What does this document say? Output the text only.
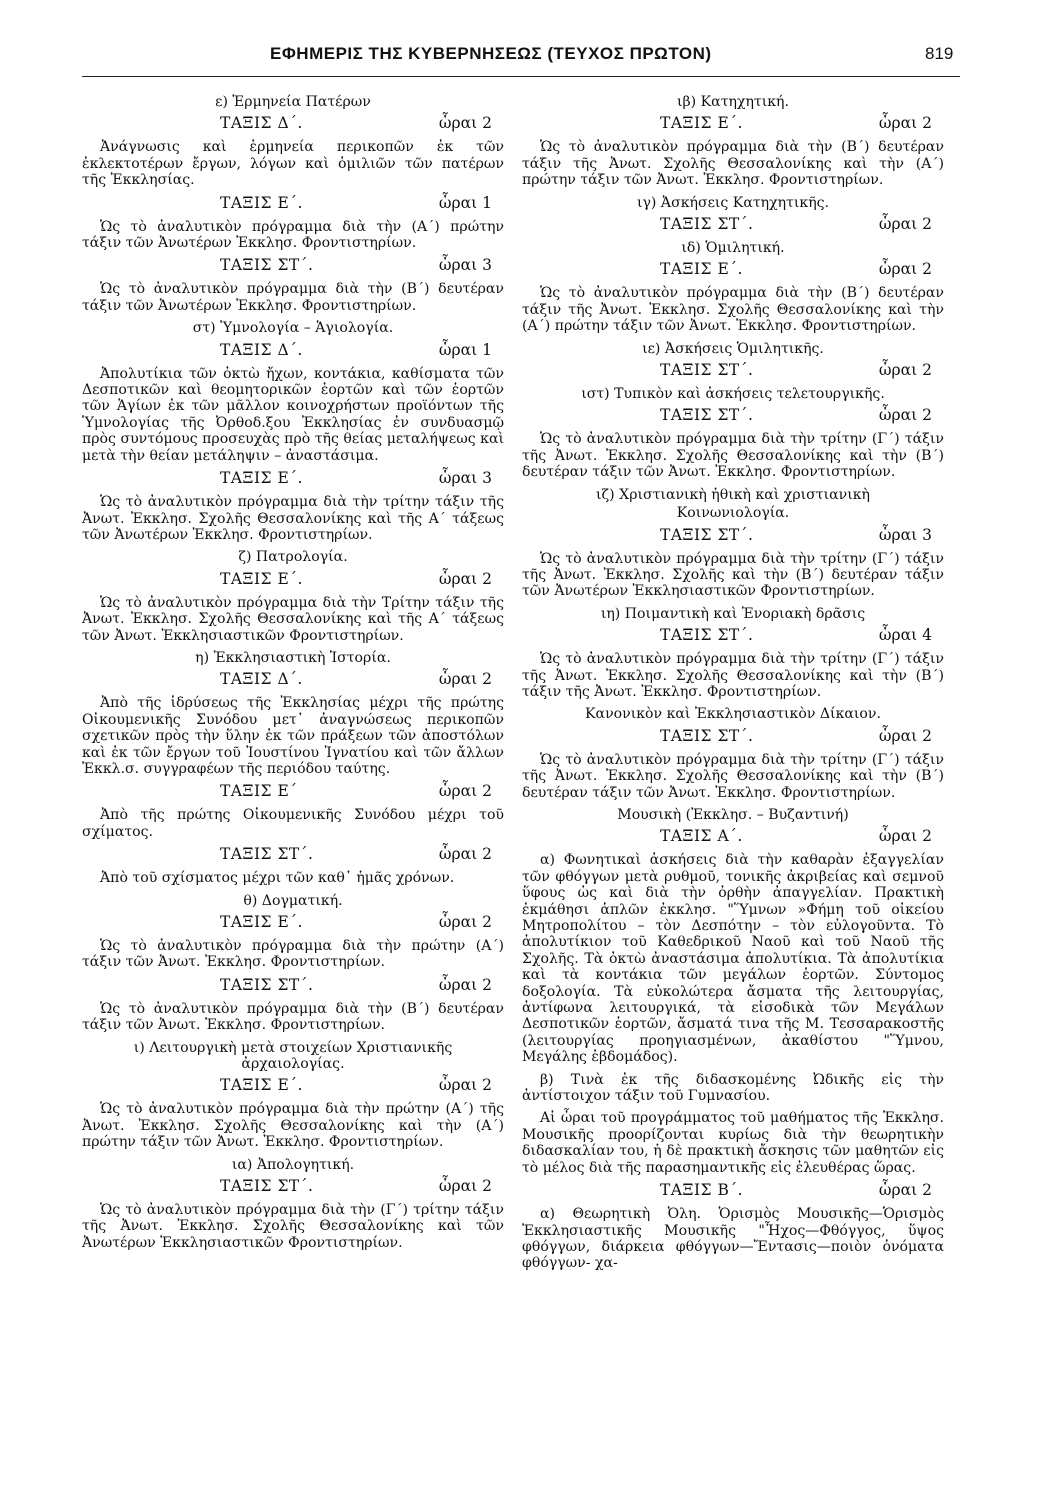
ΕΦΗΜΕΡΙΣ ΤΗΣ ΚΥΒΕΡΝΗΣΕΩΣ (ΤΕΥΧΟΣ ΠΡΩΤΟΝ)	819
ε) Ἑρμηνεία Πατέρων
ΤΑΞΙΣ Δ΄.	ὧραι 2

Ἀνάγνωσις καὶ ἑρμηνεία περικοπῶν ἐκ τῶν ἐκλεκτοτέρων ἔργων, λόγων καὶ ὁμιλιῶν τῶν πατέρων τῆς Ἐκκλησίας.

ΤΑΞΙΣ Ε΄.	ὧραι 1

Ὡς τὸ ἀναλυτικὸν πρόγραμμα διὰ τὴν (Α΄) πρώτην τάξιν τῶν Ἀνωτέρων Ἐκκλησ. Φροντιστηρίων.

ΤΑΞΙΣ ΣΤ΄.	ὧραι 3

Ὡς τὸ ἀναλυτικὸν πρόγραμμα διὰ τὴν (Β΄) δευτέραν τάξιν τῶν Ἀνωτέρων Ἐκκλησ. Φροντιστηρίων.

στ) Ὑμνολογία – Ἁγιολογία.
ΤΑΞΙΣ Δ΄.	ὧραι 1

Ἀπολυτίκια τῶν ὀκτὼ ἤχων, κοντάκια, καθίσματα τῶν Δεσποτικῶν καὶ θεομητορικῶν ἑορτῶν καὶ τῶν ἑορτῶν τῶν Ἁγίων ἐκ τῶν μᾶλλον κοινοχρήστων προϊόντων τῆς Ὑμνολογίας τῆς Ὀρθοδ.ξου Ἐκκλησίας ἐν συνδυασμῷ πρὸς συντόμους προσευχὰς πρὸ τῆς θείας μεταλήψεως καὶ μετὰ τὴν θείαν μετάληψιν – ἀναστάσιμα.

ΤΑΞΙΣ Ε΄.	ὧραι 3

Ὡς τὸ ἀναλυτικὸν πρόγραμμα διὰ τὴν τρίτην τάξιν τῆς Ἀνωτ. Ἐκκλησ. Σχολῆς Θεσσαλονίκης καὶ τῆς Α΄ τάξεως τῶν Ἀνωτέρων Ἐκκλησ. Φροντιστηρίων.

ζ) Πατρολογία.
ΤΑΞΙΣ Ε΄.	ὧραι 2

Ὡς τὸ ἀναλυτικὸν πρόγραμμα διὰ τὴν Τρίτην τάξιν τῆς Ἀνωτ. Ἐκκλησ. Σχολῆς Θεσσαλονίκης καὶ τῆς Α΄ τάξεως τῶν Ἀνωτ. Ἐκκλησιαστικῶν Φροντιστηρίων.

η) Ἐκκλησιαστικὴ Ἱστορία.
ΤΑΞΙΣ Δ΄.	ὧραι 2

Ἀπὸ τῆς ἱδρύσεως τῆς Ἐκκλησίας μέχρι τῆς πρώτης Οἰκουμενικῆς Συνόδου μετ᾽ ἀναγνώσεως περικοπῶν σχετικῶν πρὸς τὴν ὕλην ἐκ τῶν πράξεων τῶν ἀποστόλων καὶ ἐκ τῶν ἔργων τοῦ Ἰουστίνου Ἰγνατίου καὶ τῶν ἄλλων Ἐκκλ.σ. συγγραφέων τῆς περιόδου ταύτης.

ΤΑΞΙΣ Ε΄	ὧραι 2

Ἀπὸ τῆς πρώτης Οἰκουμενικῆς Συνόδου μέχρι τοῦ σχίματος.

ΤΑΞΙΣ ΣΤ΄.	ὧραι 2

Ἀπὸ τοῦ σχίσματος μέχρι τῶν καθ᾽ ἡμᾶς χρόνων.

θ) Δογματική.
ΤΑΞΙΣ Ε΄.	ὧραι 2

Ὡς τὸ ἀναλυτικὸν πρόγραμμα διὰ τὴν πρώτην (Α΄) τάξιν τῶν Ἀνωτ. Ἐκκλησ. Φροντιστηρίων.

ΤΑΞΙΣ ΣΤ΄.	ὧραι 2

Ὡς τὸ ἀναλυτικὸν πρόγραμμα διὰ τὴν (Β΄) δευτέραν τάξιν τῶν Ἀνωτ. Ἐκκλησ. Φροντιστηρίων.

ι) Λειτουργικὴ μετὰ στοιχείων Χριστιανικῆς
ἀρχαιολογίας.
ΤΑΞΙΣ Ε΄.	ὧραι 2

Ὡς τὸ ἀναλυτικὸν πρόγραμμα διὰ τὴν πρώτην (Α΄) τῆς Ἀνωτ. Ἐκκλησ. Σχολῆς Θεσσαλονίκης καὶ τὴν (Α΄) πρώτην τάξιν τῶν Ἀνωτ. Ἐκκλησ. Φροντιστηρίων.

ια) Ἀπολογητική.
ΤΑΞΙΣ ΣΤ΄.	ὧραι 2

Ὡς τὸ ἀναλυτικὸν πρόγραμμα διὰ τὴν (Γ΄) τρίτην τάξιν τῆς Ἀνωτ. Ἐκκλησ. Σχολῆς Θεσσαλονίκης καὶ τῶν Ἀνωτέρων Ἐκκλησιαστικῶν Φροντιστηρίων.

ιβ) Κατηχητική.
ΤΑΞΙΣ Ε΄.	ὧραι 2

Ὡς τὸ ἀναλυτικὸν πρόγραμμα διὰ τὴν (Β΄) δευτέραν τάξιν τῆς Ἀνωτ. Σχολῆς Θεσσαλονίκης καὶ τὴν (Α΄) πρώτην τάξιν τῶν Ἀνωτ. Ἐκκλησ. Φροντιστηρίων.

ιγ) Ἀσκήσεις Κατηχητικῆς.
ΤΑΞΙΣ ΣΤ΄.	ὧραι 2
ιδ) Ὁμιλητική.
ΤΑΞΙΣ Ε΄.	ὧραι 2

Ὡς τὸ ἀναλυτικὸν πρόγραμμα διὰ τὴν (Β΄) δευτέραν τάξιν τῆς Ἀνωτ. Ἐκκλησ. Σχολῆς Θεσσαλονίκης καὶ τὴν (Α΄) πρώτην τάξιν τῶν Ἀνωτ. Ἐκκλησ. Φροντιστηρίων.

ιε) Ἀσκήσεις Ὁμιλητικῆς.
ΤΑΞΙΣ ΣΤ΄.	ὧραι 2
ιστ) Τυπικὸν καὶ ἀσκήσεις τελετουργικῆς.
ΤΑΞΙΣ ΣΤ΄.	ὧραι 2

Ὡς τὸ ἀναλυτικὸν πρόγραμμα διὰ τὴν τρίτην (Γ΄) τάξιν τῆς Ἀνωτ. Ἐκκλησ. Σχολῆς Θεσσαλονίκης καὶ τὴν (Β΄) δευτέραν τάξιν τῶν Ἀνωτ. Ἐκκλησ. Φροντιστηρίων.

ιζ) Χριστιανικὴ ἠθικὴ καὶ χριστιανικὴ
Κοινωνιολογία.
ΤΑΞΙΣ ΣΤ΄.	ὧραι 3

Ὡς τὸ ἀναλυτικὸν πρόγραμμα διὰ τὴν τρίτην (Γ΄) τάξιν τῆς Ἀνωτ. Ἐκκλησ. Σχολῆς καὶ τὴν (Β΄) δευτέραν τάξιν τῶν Ἀνωτέρων Ἐκκλησιαστικῶν Φροντιστηρίων.

ιη) Ποιμαντικὴ καὶ Ἐνοριακὴ δρᾶσις
ΤΑΞΙΣ ΣΤ΄.	ὧραι 4

Ὡς τὸ ἀναλυτικὸν πρόγραμμα διὰ τὴν τρίτην (Γ΄) τάξιν τῆς Ἀνωτ. Ἐκκλησ. Σχολῆς Θεσσαλονίκης καὶ τὴν (Β΄) τάξιν τῆς Ἀνωτ. Ἐκκλησ. Φροντιστηρίων.

Κανονικὸν καὶ Ἐκκλησιαστικὸν Δίκαιον.
ΤΑΞΙΣ ΣΤ΄.	ὧραι 2

Ὡς τὸ ἀναλυτικὸν πρόγραμμα διὰ τὴν τρίτην (Γ΄) τάξιν τῆς Ἀνωτ. Ἐκκλησ. Σχολῆς Θεσσαλονίκης καὶ τὴν (Β΄) δευτέραν τάξιν τῶν Ἀνωτ. Ἐκκλησ. Φροντιστηρίων.

Μουσικὴ (Ἐκκλησ. – Βυζαντινή)
ΤΑΞΙΣ Α΄.	ὧραι 2

α) Φωνητικαὶ ἀσκήσεις διὰ τὴν καθαρὰν ἐξαγγελίαν τῶν φθόγγων μετὰ ρυθμοῦ, τονικῆς ἀκριβείας καὶ σεμνοῦ ὕφους ὡς καὶ διὰ τὴν ὀρθὴν ἀπαγγελίαν. Πρακτικὴ ἐκμάθησι ἁπλῶν ἐκκλησ. "Ὕμνων »Φήμη τοῦ οἰκείου Μητροπολίτου – τὸν Δεσπότην – τὸν εὐλογοῦντα. Τὸ ἀπολυτίκιον τοῦ Καθεδρικοῦ Ναοῦ καὶ τοῦ Ναοῦ τῆς Σχολῆς. Τὰ ὀκτὼ ἀναστάσιμα ἀπολυτίκια. Τὰ ἀπολυτίκια καὶ τὰ κοντάκια τῶν μεγάλων ἑορτῶν. Σύντομος δοξολογία. Τὰ εὐκολώτερα ἄσματα τῆς λειτουργίας, ἀντίφωνα λειτουργικά, τὰ εἰσοδικὰ τῶν Μεγάλων Δεσποτικῶν ἑορτῶν, ἄσματά τινα τῆς Μ. Τεσσαρακοστῆς (λειτουργίας προηγιασμένων, ἀκαθίστου "Ὕμνου, Μεγάλης ἑβδομάδος).

β) Τινὰ ἐκ τῆς διδασκομένης Ὠδικῆς εἰς τὴν ἀντίστοιχον τάξιν τοῦ Γυμνασίου.

Αἱ ὧραι τοῦ προγράμματος τοῦ μαθήματος τῆς Ἐκκλησ. Μουσικῆς προορίζονται κυρίως διὰ τὴν θεωρητικὴν διδασκαλίαν του, ἡ δὲ πρακτικὴ ἄσκησις τῶν μαθητῶν εἰς τὸ μέλος διὰ τῆς παρασημαντικῆς εἰς ἐλευθέρας ὥρας.

ΤΑΞΙΣ Β΄.	ὧραι 2

α) Θεωρητικὴ Ὀλη. Ὁρισμὸς Μουσικῆς—Ὁρισμὸς Ἐκκλησιαστικῆς Μουσικῆς "Ἦχος—Φθόγγος, ὕψος φθόγγων, διάρκεια φθόγγων—Ἔντασις—ποιὸν ὀνόματα φθόγγων- χα-
